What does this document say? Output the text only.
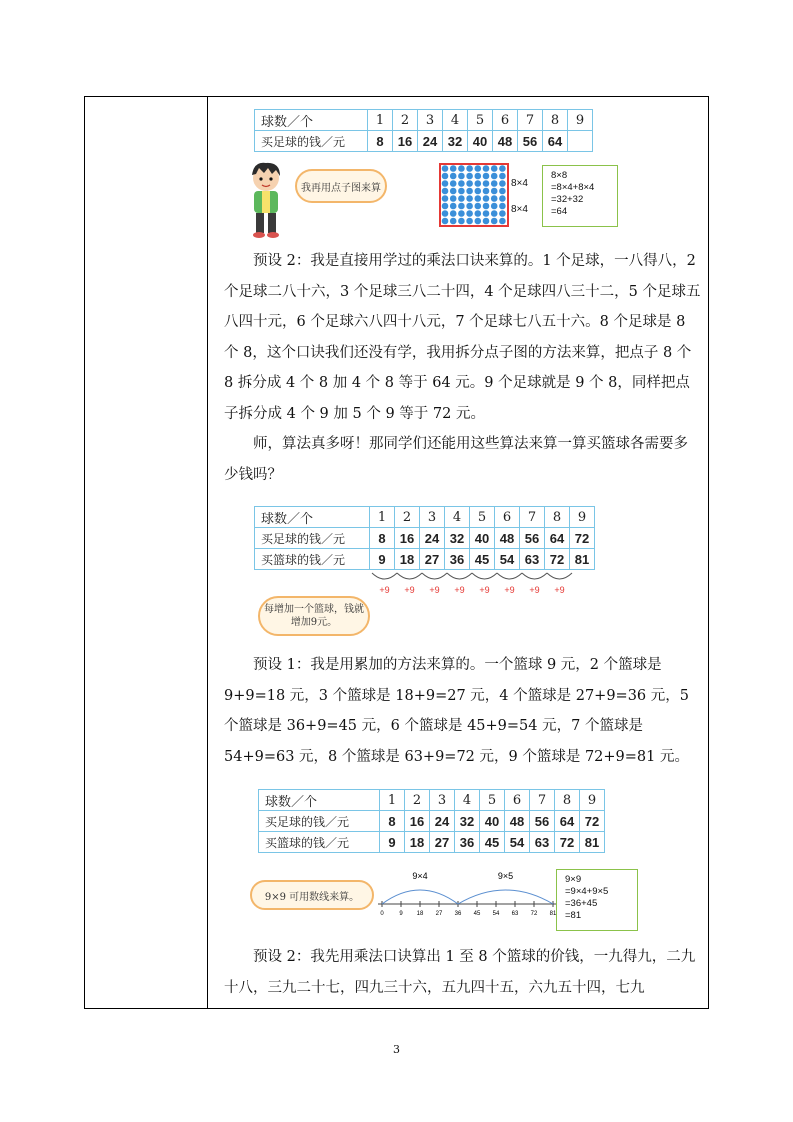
球数／个	1	2	3	4	5	6	7	8	9
买足球的钱／元	8	16	24	32	40	48	56	64	
我再用点子图来算	8×4
8×4
8×8
=8×4+8×4
=32+32
=64

预设 2：我是直接用学过的乘法口诀来算的。1 个足球，一八得八，2 个足球二八十六，3 个足球三八二十四，4 个足球四八三十二，5 个足球五八四十元，6 个足球六八四十八元，7 个足球七八五十六。8 个足球是 8 个 8，这个口诀我们还没有学，我用拆分点子图的方法来算，把点子 8 个 8 拆分成 4 个 8 加 4 个 8 等于 64 元。9 个足球就是 9 个 8，同样把点子拆分成 4 个 9 加 5 个 9 等于 72 元。

师，算法真多呀！那同学们还能用这些算法来算一算买篮球各需要多少钱吗？

球数／个	1	2	3	4	5	6	7	8	9
买足球的钱／元	8	16	24	32	40	48	56	64	72
买篮球的钱／元	9	18	27	36	45	54	63	72	81
+9 +9 +9 +9 +9 +9 +9 +9
每增加一个篮球，钱就增加9元。

预设 1：我是用累加的方法来算的。一个篮球 9 元，2 个篮球是 9+9=18 元，3 个篮球是 18+9=27 元，4 个篮球是 27+9=36 元，5 个篮球是 36+9=45 元，6 个篮球是 45+9=54 元，7 个篮球是 54+9=63 元，8 个篮球是 63+9=72 元，9 个篮球是 72+9=81 元。

球数／个	1	2	3	4	5	6	7	8	9
买足球的钱／元	8	16	24	32	40	48	56	64	72
买篮球的钱／元	9	18	27	36	45	54	63	72	81
9×9 可用数线来算。
0	9 18 27 36 45 54 63 72 81
9×4	9×5	9×9
=9×4+9×5
=36+45
=81

预设 2：我先用乘法口诀算出 1 至 8 个篮球的价钱，一九得九，二九十八，三九二十七，四九三十六，五九四十五，六九五十四，七九

3
